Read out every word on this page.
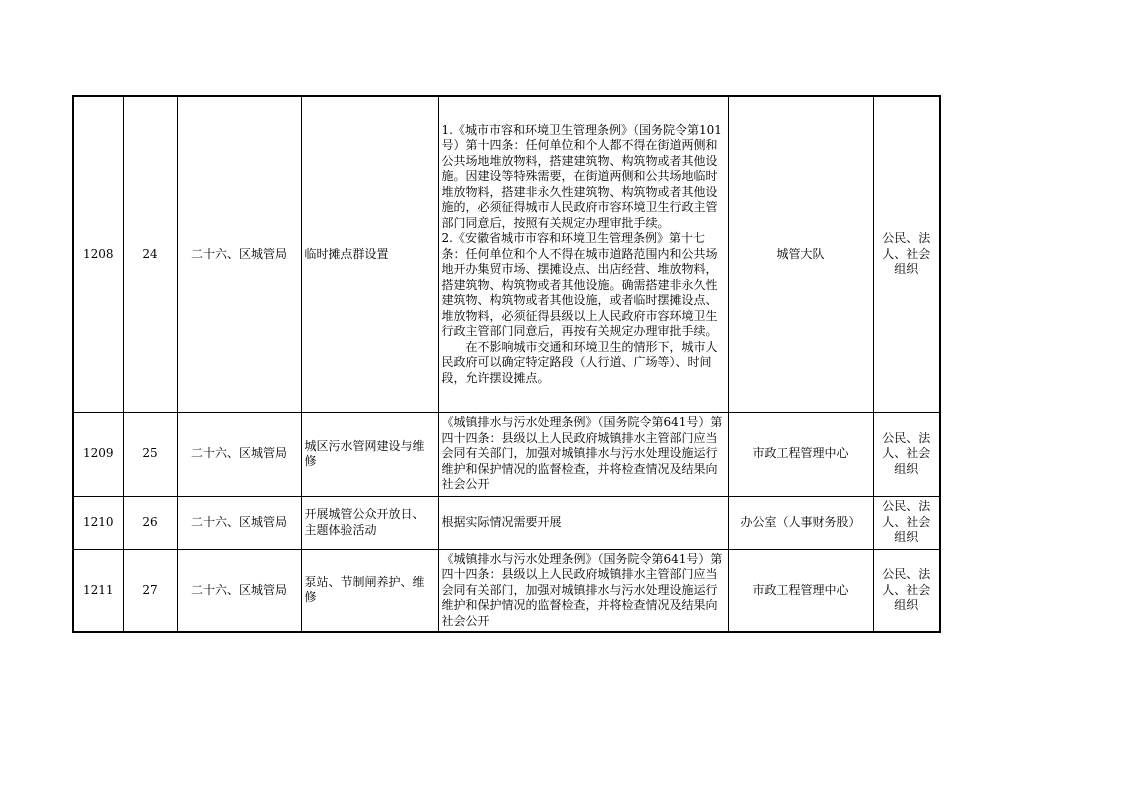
1208	24	二十六、区城管局	临时摊点群设置	1.《城市市容和环境卫生管理条例》（国务院令第101号）第十四条：任何单位和个人都不得在街道两侧和公共场地堆放物料，搭建建筑物、构筑物或者其他设施。因建设等特殊需要，在街道两侧和公共场地临时堆放物料，搭建非永久性建筑物、构筑物或者其他设施的，必须征得城市人民政府市容环境卫生行政主管部门同意后，按照有关规定办理审批手续。

2.《安徽省城市市容和环境卫生管理条例》第十七条：任何单位和个人不得在城市道路范围内和公共场地开办集贸市场、摆摊设点、出店经营、堆放物料，搭建筑物、构筑物或者其他设施。确需搭建非永久性建筑物、构筑物或者其他设施，或者临时摆摊设点、堆放物料，必须征得县级以上人民政府市容环境卫生行政主管部门同意后，再按有关规定办理审批手续。

在不影响城市交通和环境卫生的情形下，城市人民政府可以确定特定路段（人行道、广场等）、时间段，允许摆设摊点。	城管大队	公民、法人、社会组织
1209	25	二十六、区城管局	城区污水管网建设与维修	《城镇排水与污水处理条例》（国务院令第641号）第四十四条：县级以上人民政府城镇排水主管部门应当会同有关部门，加强对城镇排水与污水处理设施运行维护和保护情况的监督检查，并将检查情况及结果向社会公开	市政工程管理中心	公民、法人、社会组织
1210	26	二十六、区城管局	开展城管公众开放日、主题体验活动	根据实际情况需要开展	办公室（人事财务股）	公民、法人、社会组织
1211	27	二十六、区城管局	泵站、节制闸养护、维修	《城镇排水与污水处理条例》（国务院令第641号）第四十四条：县级以上人民政府城镇排水主管部门应当会同有关部门，加强对城镇排水与污水处理设施运行维护和保护情况的监督检查，并将检查情况及结果向社会公开	市政工程管理中心	公民、法人、社会组织
